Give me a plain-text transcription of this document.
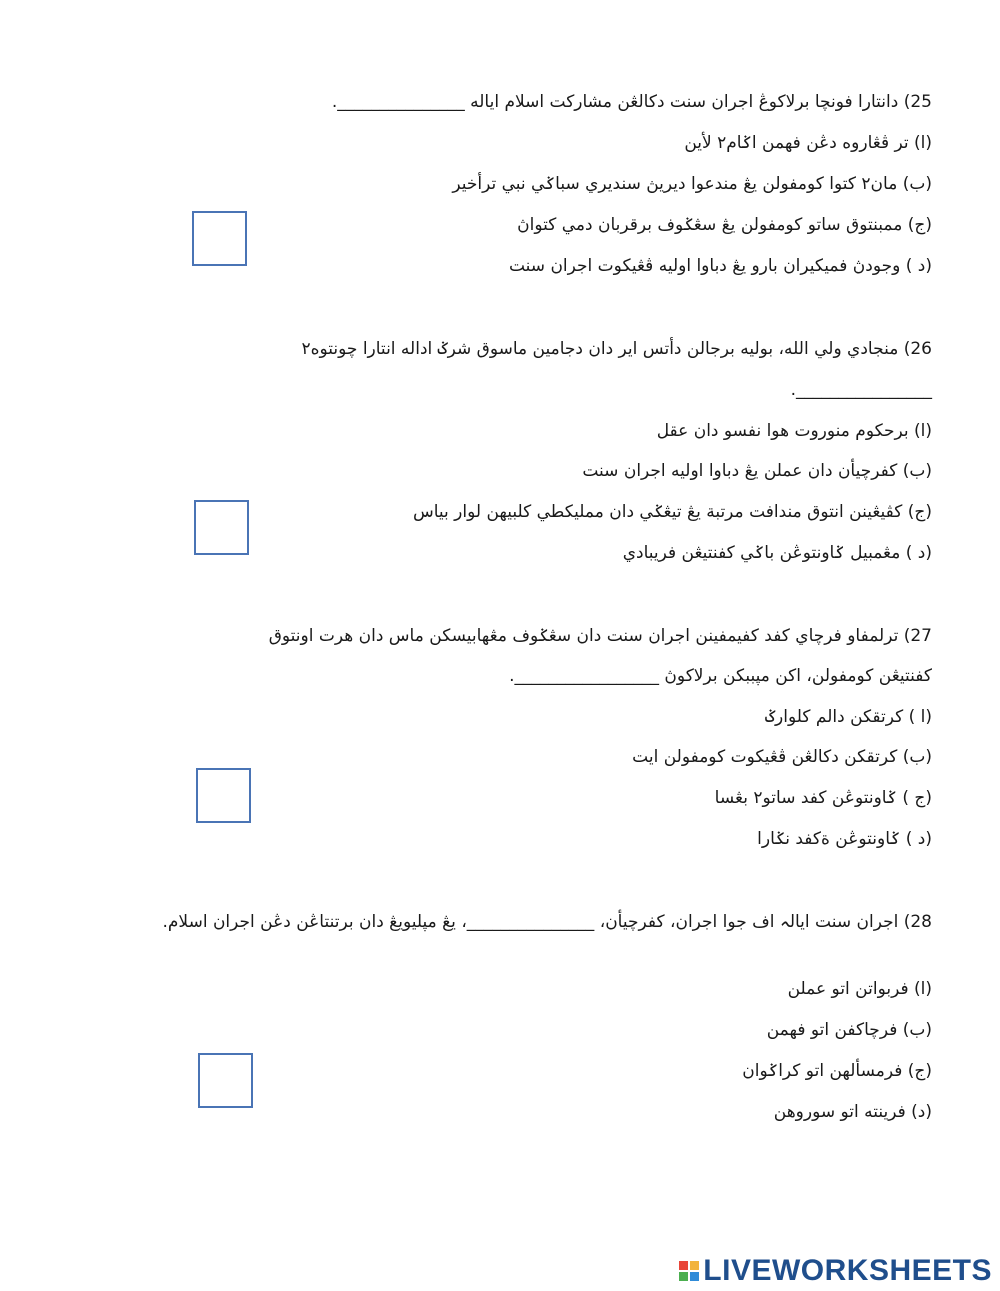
25) دانتارا فونچا برلاکوڠ اجران سنت دکالڠن مشارکت اسلام اياله _______________.
(ا) تر ڤڠاروه دڠن فهمن اݢام٢ لأين
(ب) مان٢ کتوا کومفولن يڠ مندعوا ديريڽ سنديري سباݢي نبي ترأخير
(ج) ممبنتوق ساتو کومفولن يڠ سڠݢوف برقربان دمي کتواڽ
(د ) وجودڽ فميکيران بارو يڠ دباوا اوليه ڤڠيکوت اجران سنت
26) منجادي ولي الله، بوليه برجالن دأتس اير دان دجامين ماسوق شرݢ اداله انتارا چونتوه٢
________________.
(ا) برحکوم منوروت هوا نفسو دان عقل
(ب) کفرچيأن دان عملن يڠ دباوا اوليه اجران سنت
(ج) کڤيڠينن انتوق مندافت مرتبة يڠ تيڠݢي دان ممليکطي کلبيهن لوار بياس
(د ) مڠمبيل ݢاونتوڠن باݢي کفنتيڠن فريبادي
27) ترلمفاو فرچاي کفد کفيمفينن اجران سنت دان سڠݢوف مڠهابيسکن ماس دان هرت اونتوق
کفنتيڠن کومفولن، اکن مڽببکن برلاکوڽ _________________.
(ا ) کرتقکن دالم کلوارݢ
(ب) کرتقکن دکالڠن ڤڠيکوت کومفولن ايت
(ج ) ݢاونتوڠن کفد ساتو٢ بڠسا
(د ) ݢاونتوڠن ةکفد نݢارا
28) اجران سنت ايالہ اف جوا اجران، کفرچيأن، _______________، يڠ مڽليويڠ دان برتنتاڠن دڠن اجران اسلام.
(ا) فربواتن اتو عملن
(ب) فرچاکفن اتو فهمن
(ج) فرمسألهن اتو کراݢوان
(د) فرينته اتو سوروهن
LIVEWORKSHEETS
